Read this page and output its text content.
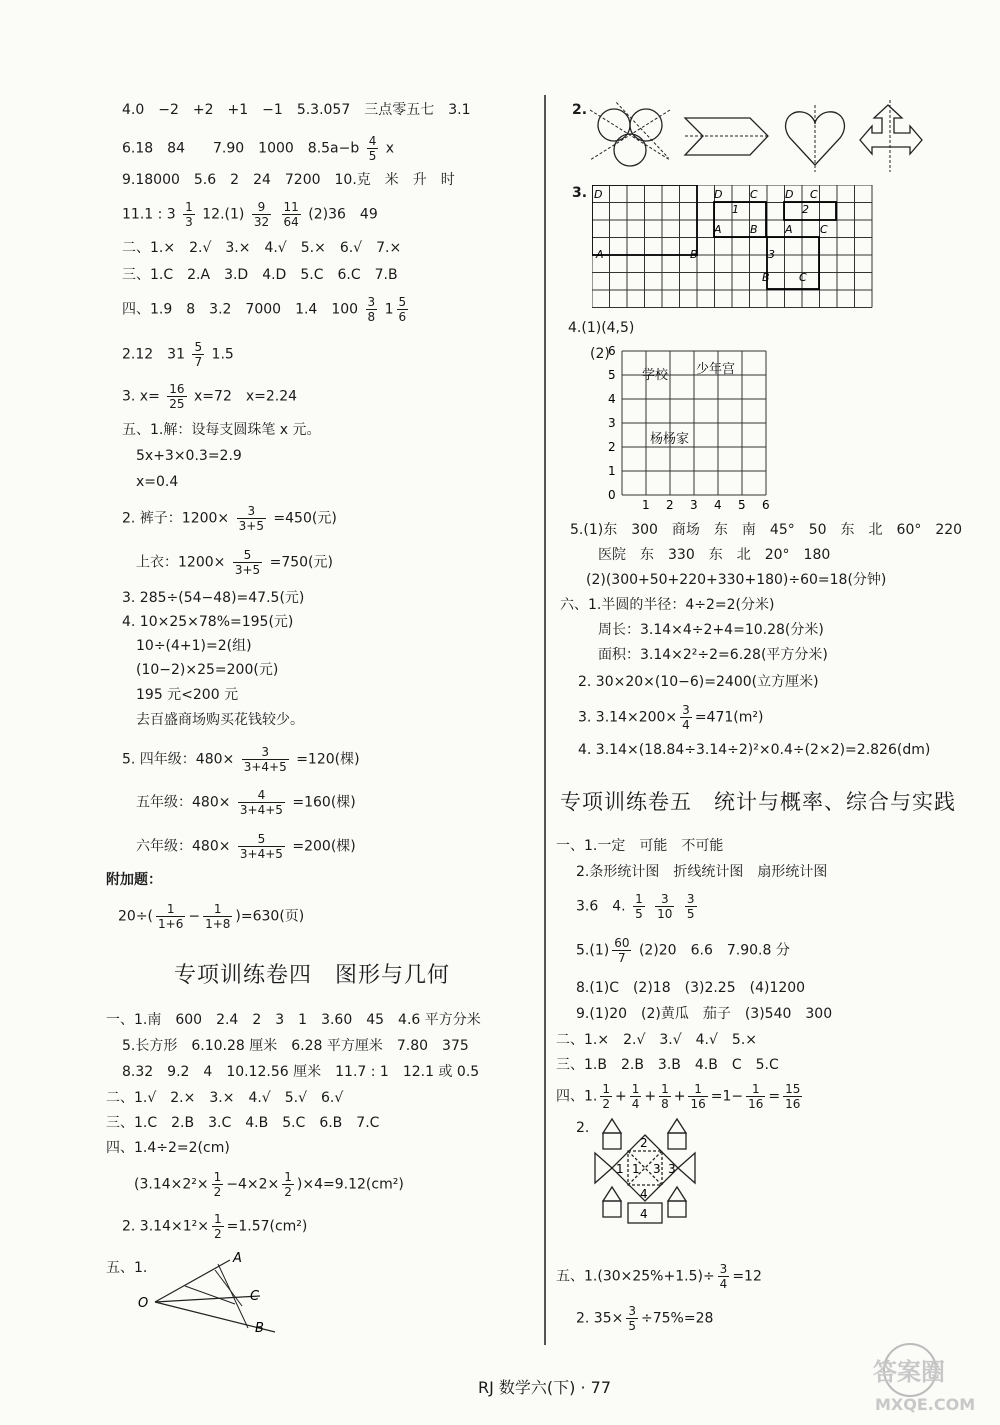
4.0　−2　+2　+1　−1　5.3.057　三点零五七　3.1
6.18　84　　7.90　1000　$8.5a-b \frac{4}{5}$ x
9.18000　5.6　2　24　7200　10.克　米　升　时
11.1 : $3 \frac{1}{3} 12.(1) \frac{9}{32}$
$\frac{11}{64} (2)36$　49
二、1.×　2.√　3.×　4.√　5.×　6.√　7.×
三、1.C　2.A　3.D　4.D　5.C　6.C　7.B
四、1.9　8　3.2　7000　1.4　$100 \frac{3}{8} 1 \frac{5}{6}$
2.12　$31 \frac{5}{7} 1.5$
3. $x= \frac{16}{25} x=72$　x=2.24
五、1.解：设每支圆珠笔 x 元。
5x+3×0.3=2.9
x=0.4
2. 裤子：$1200\times \frac{3}{3+5} =450$(元)
上衣：$1200\times \frac{5}{3+5} =750$(元)
3. 285÷(54−48)=47.5(元)
4. 10×25×78%=195(元)
10÷(4+1)=2(组)
(10−2)×25=200(元)
195 元<200 元
去百盛商场购买花钱较少。
5. 四年级：$480\times \frac{3}{3+4+5} =120$(棵)
五年级：$480\times \frac{4}{3+4+5} =160$(棵)
六年级：$480\times \frac{5}{3+4+5} =200$(棵)
附加题：
$20\div( \frac{1}{1+6} - \frac{1}{1+8} )=630$(页)
专项训练卷四　图形与几何
一、1.南　600　2.4　2　3　1　3.60　45　4.6 平方分米
5.长方形　6.10.28 厘米　6.28 平方厘米　7.80　375
8.32　9.2　4　10.12.56 厘米　11.7 : 1　12.1 或 0.5
二、1.√　2.×　3.×　4.√　5.√　6.√
三、1.C　2.B　3.C　4.B　5.C　6.B　7.C
四、1.4÷2=2(cm)
$(3.14\times 2^2\times \frac{1}{2} -4\times 2\times \frac{1}{2} )\times 4=9.12(cm^2)$
2. $3.14\times 1^2\times \frac{1}{2} =1.57(cm^2)$
五、1.
O
A
C
B
2.
3. D	D	C D C
1	2
A	B A C
A	B	3
B	C
4.(1)(4,5)
(2)
1 2 3 4 5 6
1
2
3
4
5
6
0
学校 少年宫
杨杨家
5.(1)东　300　商场　东　南　45°　50　东　北　60°　220
医院　东　330　东　北　20°　180
(2)(300+50+220+330+180)÷60=18(分钟)
六、1.半圆的半径：4÷2=2(分米)
周长：3.14×4÷2+4=10.28(分米)
面积：3.14×2²÷2=6.28(平方分米)
2. 30×20×(10−6)=2400(立方厘米)
3. $3.14\times 200\times \frac{3}{4} =471(m^2)$
4. 3.14×(18.84÷3.14÷2)²×0.4÷(2×2)=2.826(dm)
专项训练卷五　统计与概率、综合与实践
一、1.一定　可能　不可能
2.条形统计图　折线统计图　扇形统计图
3.6　4. $\frac{1}{5}$
$\frac{3}{10}$
$\frac{3}{5}$
$5.(1) \frac{60}{7} (2)20$　6.6　7.90.8 分
8.(1)C　(2)18　(3)2.25　(4)1200
9.(1)20　(2)黄瓜　茄子　(3)540　300
二、1.×　2.√　3.√　4.√　5.×
三、1.B　2.B　3.B　4.B　C　5.C
四、1. $\frac{1}{2} + \frac{1}{4} + \frac{1}{8} + \frac{1}{16} =1- \frac{1}{16} = \frac{15}{16}$
2.
2
1 1 3 3
4
4
五、$1.(30\times 25\%+1.5)\div \frac{3}{4} =12$
2. $35\times \frac{3}{5} \div 75\%=28$
RJ 数学六(下) · 77
答案圈
MXQE.COM
